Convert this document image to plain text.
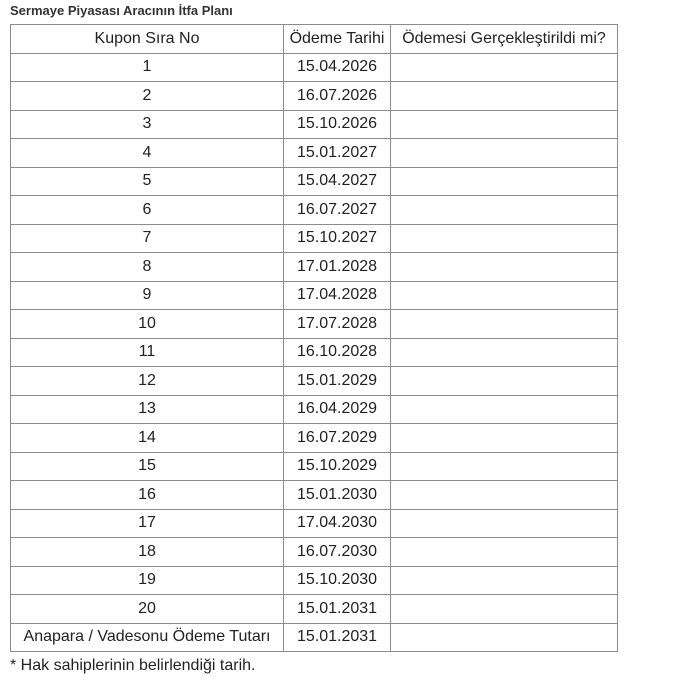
Sermaye Piyasası Aracının İtfa Planı
Kupon Sıra No	Ödeme Tarihi	Ödemesi Gerçekleştirildi mi?
1	15.04.2026	
2	16.07.2026	
3	15.10.2026	
4	15.01.2027	
5	15.04.2027	
6	16.07.2027	
7	15.10.2027	
8	17.01.2028	
9	17.04.2028	
10	17.07.2028	
11	16.10.2028	
12	15.01.2029	
13	16.04.2029	
14	16.07.2029	
15	15.10.2029	
16	15.01.2030	
17	17.04.2030	
18	16.07.2030	
19	15.10.2030	
20	15.01.2031	
Anapara / Vadesonu Ödeme Tutarı	15.01.2031	
* Hak sahiplerinin belirlendiği tarih.
